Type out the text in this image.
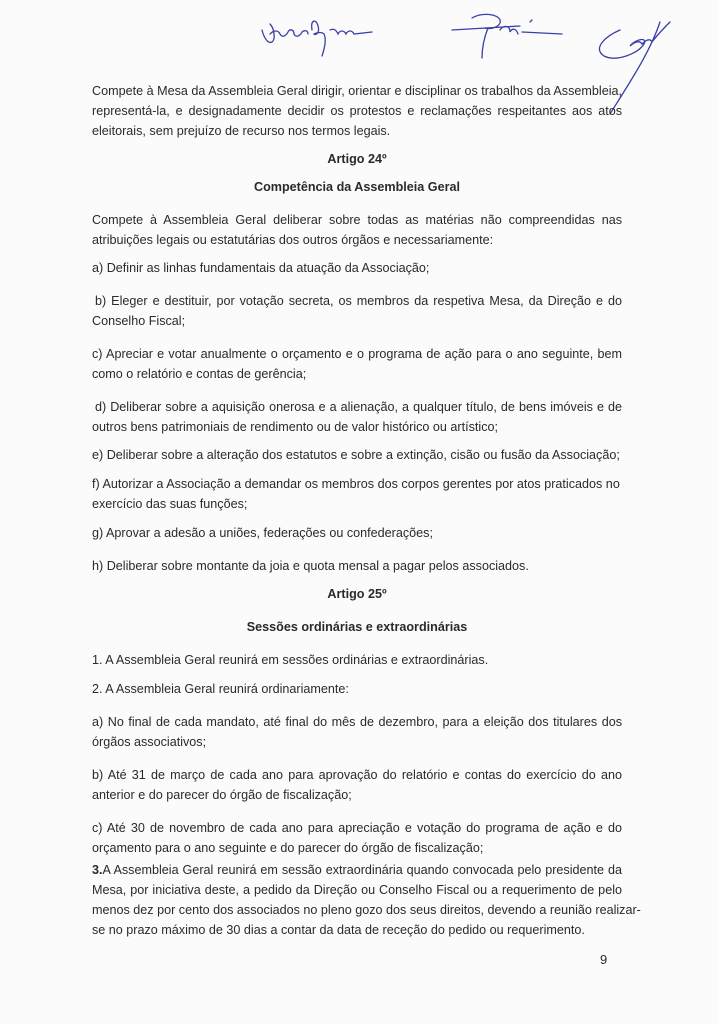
Compete à Mesa da Assembleia Geral dirigir, orientar e disciplinar os trabalhos da Assembleia,
representá-la, e designadamente decidir os protestos e reclamações respeitantes aos atos
eleitorais, sem prejuízo de recurso nos termos legais.
Artigo 24º
Competência da Assembleia Geral
Compete à Assembleia Geral deliberar sobre todas as matérias não compreendidas nas
atribuições legais ou estatutárias dos outros órgãos e necessariamente:
a) Definir as linhas fundamentais da atuação da Associação;
b) Eleger e destituir, por votação secreta, os membros da respetiva Mesa, da Direção e do
Conselho Fiscal;
c) Apreciar e votar anualmente o orçamento e o programa de ação para o ano seguinte, bem
como o relatório e contas de gerência;
d) Deliberar sobre a aquisição onerosa e a alienação, a qualquer título, de bens imóveis e de
outros bens patrimoniais de rendimento ou de valor histórico ou artístico;
e) Deliberar sobre a alteração dos estatutos e sobre a extinção, cisão ou fusão da Associação;
f) Autorizar a Associação a demandar os membros dos corpos gerentes por atos praticados no
exercício das suas funções;
g) Aprovar a adesão a uniões, federações ou confederações;
h) Deliberar sobre montante da joia e quota mensal a pagar pelos associados.
Artigo 25º
Sessões ordinárias e extraordinárias
1. A Assembleia Geral reunirá em sessões ordinárias e extraordinárias.
2. A Assembleia Geral reunirá ordinariamente:
a) No final de cada mandato, até final do mês de dezembro, para a eleição dos titulares dos
órgãos associativos;
b) Até 31 de março de cada ano para aprovação do relatório e contas do exercício do ano
anterior e do parecer do órgão de fiscalização;
c) Até 30 de novembro de cada ano para apreciação e votação do programa de ação e do
orçamento para o ano seguinte e do parecer do órgão de fiscalização;
3.A Assembleia Geral reunirá em sessão extraordinária quando convocada pelo presidente da
Mesa, por iniciativa deste, a pedido da Direção ou Conselho Fiscal ou a requerimento de pelo
menos dez por cento dos associados no pleno gozo dos seus direitos, devendo a reunião realizar-
se no prazo máximo de 30 dias a contar da data de receção do pedido ou requerimento.
9
